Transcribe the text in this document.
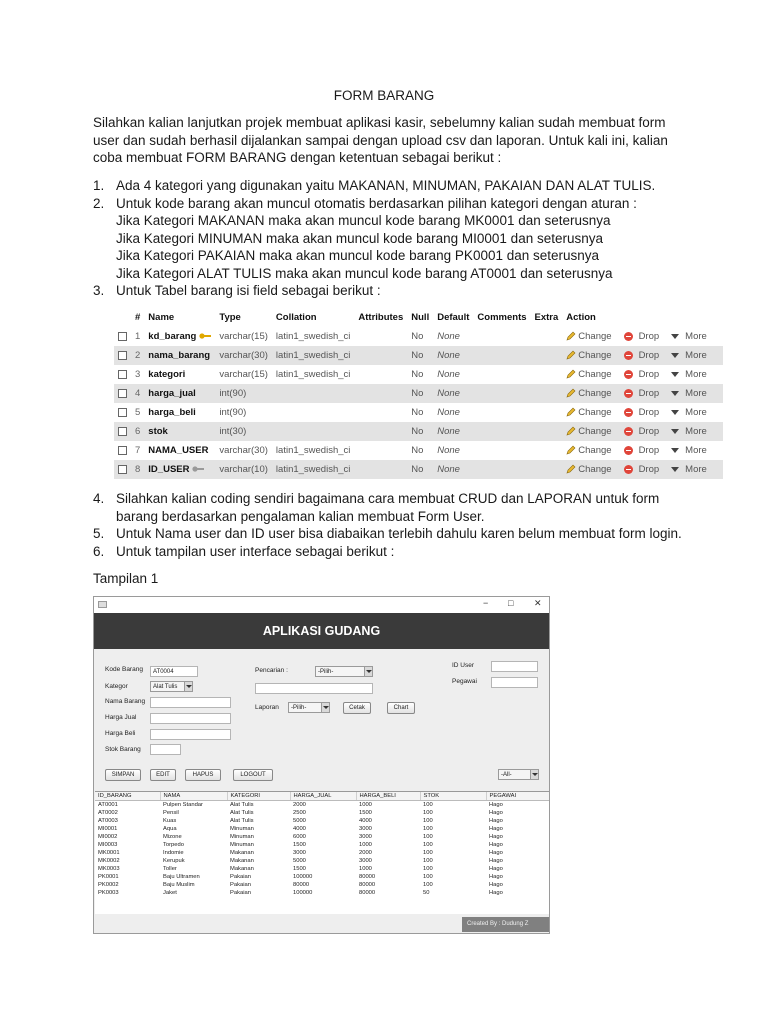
FORM BARANG
Silahkan kalian lanjutkan projek membuat aplikasi kasir, sebelumny kalian sudah membuat form user dan sudah berhasil dijalankan sampai dengan upload csv dan laporan. Untuk kali ini, kalian coba membuat FORM BARANG dengan ketentuan sebagai berikut :
1. Ada 4 kategori yang digunakan yaitu MAKANAN, MINUMAN, PAKAIAN DAN ALAT TULIS.
2. Untuk kode barang akan muncul otomatis berdasarkan pilihan kategori dengan aturan :
Jika Kategori MAKANAN maka akan muncul kode barang MK0001 dan seterusnya
Jika Kategori MINUMAN maka akan muncul kode barang MI0001 dan seterusnya
Jika Kategori PAKAIAN maka akan muncul kode barang PK0001 dan seterusnya
Jika Kategori ALAT TULIS maka akan muncul kode barang AT0001 dan seterusnya
3. Untuk Tabel barang isi field sebagai berikut :
	#	Name	Type	Collation	Attributes	Null	Default	Comments	Extra	Action
	1	kd_barang	varchar(15)	latin1_swedish_ci		No	None			Change Drop More
	2	nama_barang	varchar(30)	latin1_swedish_ci		No	None			Change Drop More
	3	kategori	varchar(15)	latin1_swedish_ci		No	None			Change Drop More
	4	harga_jual	int(90)			No	None			Change Drop More
	5	harga_beli	int(90)			No	None			Change Drop More
	6	stok	int(30)			No	None			Change Drop More
	7	NAMA_USER	varchar(30)	latin1_swedish_ci		No	None			Change Drop More
	8	ID_USER	varchar(10)	latin1_swedish_ci		No	None			Change Drop More
4. Silahkan kalian coding sendiri bagaimana cara membuat CRUD dan LAPORAN untuk form barang berdasarkan pengalaman kalian membuat Form User.
5. Untuk Nama user dan ID user bisa diabaikan terlebih dahulu karen belum membuat form login.
6. Untuk tampilan user interface sebagai berikut :
Tampilan 1
− □ ✕
APLIKASI GUDANG
Kode Barang	AT0004
Kategor	Alat Tulis
Nama Barang
Harga Jual
Harga Beli
Stok Barang
Pencarian :	-Pilih-
Laporan	-Pilih-	Cetak	Chart
ID User
Pegawai
SIMPAN	EDIT	HAPUS	LOGOUT	-All-
ID_BARANG	NAMA	KATEGORI	HARGA_JUAL	HARGA_BELI	STOK	PEGAWAI
AT0001	Pulpen Standar	Alat Tulis	2000	1000	100	Hago
AT0002	Pensil	Alat Tulis	2500	1500	100	Hago
AT0003	Kuas	Alat Tulis	5000	4000	100	Hago
MI0001	Aqua	Minuman	4000	3000	100	Hago
MI0002	Mizone	Minuman	6000	3000	100	Hago
MI0003	Torpedo	Minuman	1500	1000	100	Hago
MK0001	Indomie	Makanan	3000	2000	100	Hago
MK0002	Kerupuk	Makanan	5000	3000	100	Hago
MK0003	Toller	Makanan	1500	1000	100	Hago
PK0001	Baju Ultramen	Pakaian	100000	80000	100	Hago
PK0002	Baju Muslim	Pakaian	80000	80000	100	Hago
PK0003	Jaket	Pakaian	100000	80000	50	Hago
Created By : Dudung Z
